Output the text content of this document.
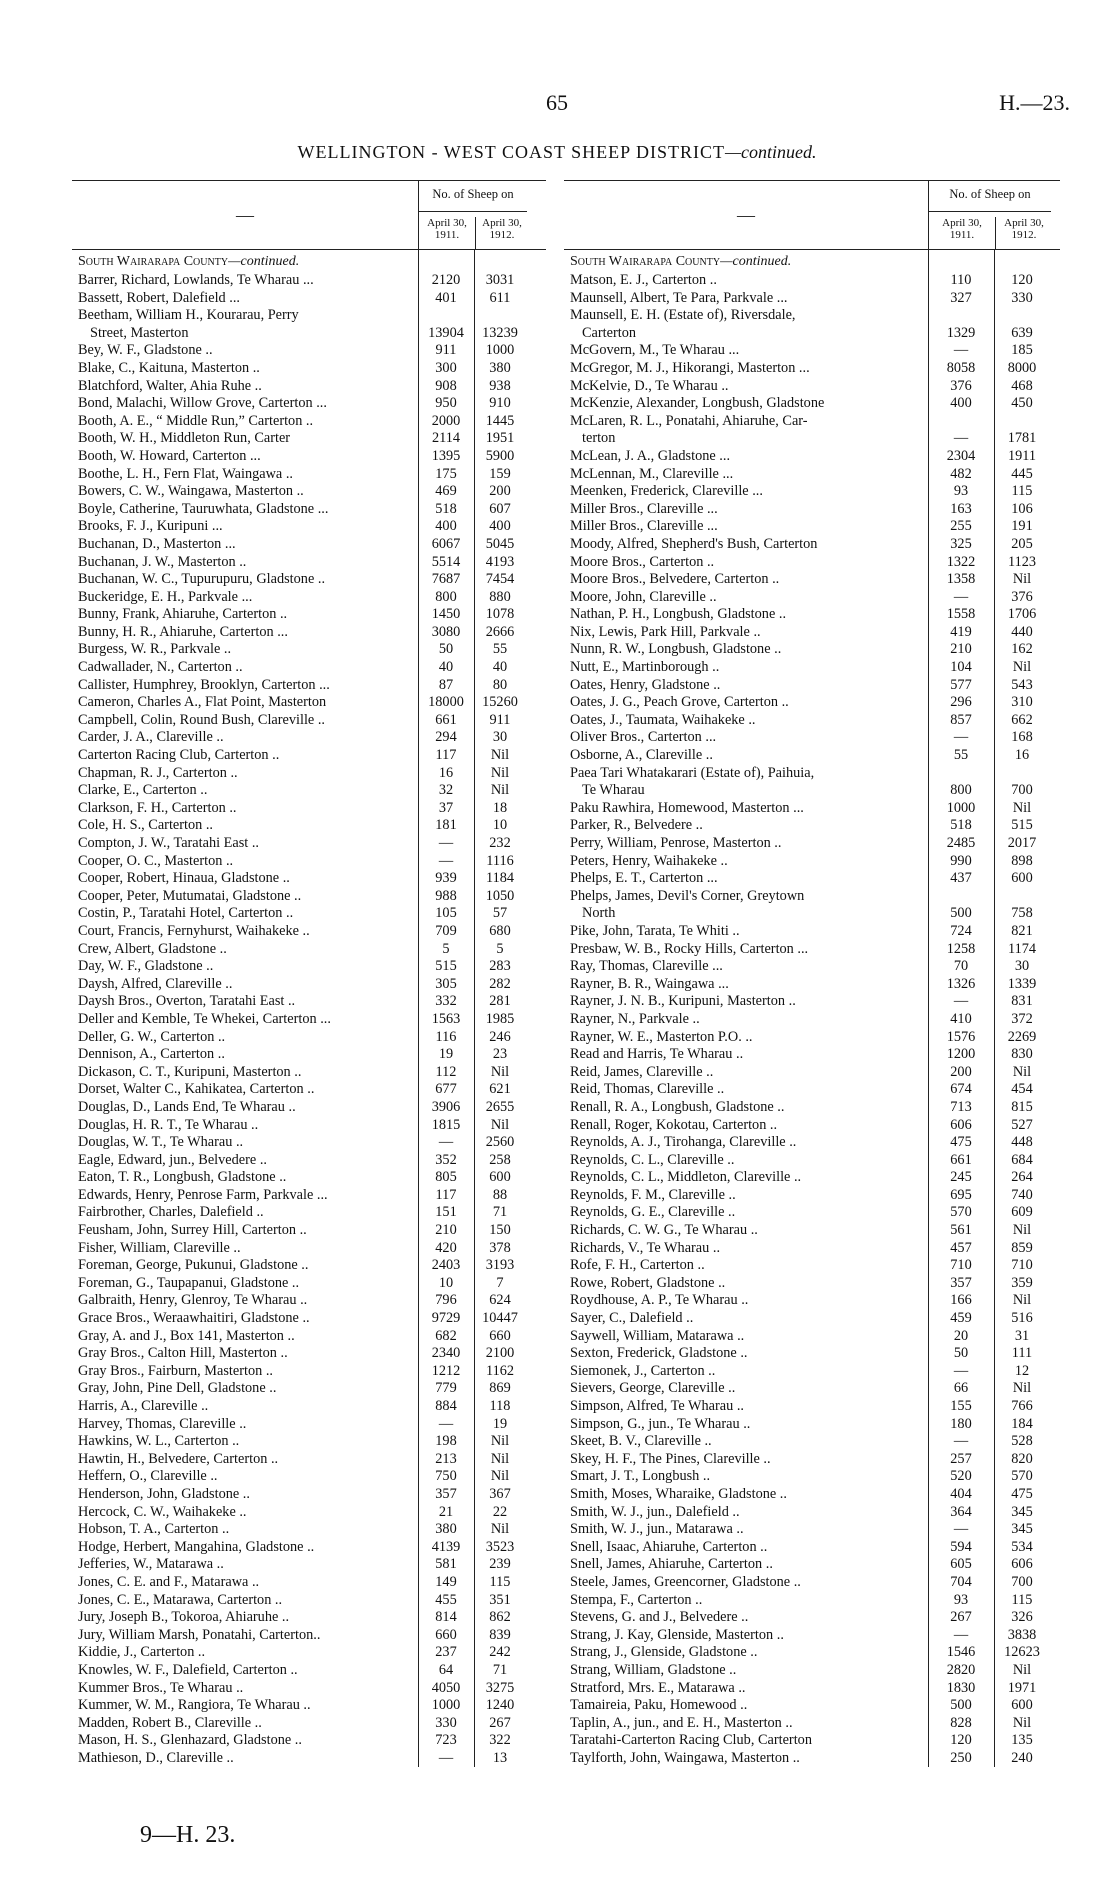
65	H.—23.
WELLINGTON - WEST COAST SHEEP DISTRICT—continued.
—
No. of Sheep on
April 30,
1911.
April 30,
1912.
South Wairarapa County—continued.
Barrer, Richard, Lowlands, Te Wharau ...	2120	3031
Bassett, Robert, Dalefield ...	401	611
Beetham, William H., Kourarau, Perry
Street, Masterton	13904	13239
Bey, W. F., Gladstone ..	911	1000
Blake, C., Kaituna, Masterton ..	300	380
Blatchford, Walter, Ahia Ruhe ..	908	938
Bond, Malachi, Willow Grove, Carterton ...	950	910
Booth, A. E., “ Middle Run,” Carterton ..	2000	1445
Booth, W. H., Middleton Run, Carter	2114	1951
Booth, W. Howard, Carterton ...	1395	5900
Boothe, L. H., Fern Flat, Waingawa ..	175	159
Bowers, C. W., Waingawa, Masterton ..	469	200
Boyle, Catherine, Tauruwhata, Gladstone ...	518	607
Brooks, F. J., Kuripuni ...	400	400
Buchanan, D., Masterton ...	6067	5045
Buchanan, J. W., Masterton ..	5514	4193
Buchanan, W. C., Tupurupuru, Gladstone ..	7687	7454
Buckeridge, E. H., Parkvale ...	800	880
Bunny, Frank, Ahiaruhe, Carterton ..	1450	1078
Bunny, H. R., Ahiaruhe, Carterton ...	3080	2666
Burgess, W. R., Parkvale ..	50	55
Cadwallader, N., Carterton ..	40	40
Callister, Humphrey, Brooklyn, Carterton ...	87	80
Cameron, Charles A., Flat Point, Masterton	18000	15260
Campbell, Colin, Round Bush, Clareville ..	661	911
Carder, J. A., Clareville ..	294	30
Carterton Racing Club, Carterton ..	117	Nil
Chapman, R. J., Carterton ..	16	Nil
Clarke, E., Carterton ..	32	Nil
Clarkson, F. H., Carterton ..	37	18
Cole, H. S., Carterton ..	181	10
Compton, J. W., Taratahi East ..	—	232
Cooper, O. C., Masterton ..	—	1116
Cooper, Robert, Hinaua, Gladstone ..	939	1184
Cooper, Peter, Mutumatai, Gladstone ..	988	1050
Costin, P., Taratahi Hotel, Carterton ..	105	57
Court, Francis, Fernyhurst, Waihakeke ..	709	680
Crew, Albert, Gladstone ..	5	5
Day, W. F., Gladstone ..	515	283
Daysh, Alfred, Clareville ..	305	282
Daysh Bros., Overton, Taratahi East ..	332	281
Deller and Kemble, Te Whekei, Carterton ...	1563	1985
Deller, G. W., Carterton ..	116	246
Dennison, A., Carterton ..	19	23
Dickason, C. T., Kuripuni, Masterton ..	112	Nil
Dorset, Walter C., Kahikatea, Carterton ..	677	621
Douglas, D., Lands End, Te Wharau ..	3906	2655
Douglas, H. R. T., Te Wharau ..	1815	Nil
Douglas, W. T., Te Wharau ..	—	2560
Eagle, Edward, jun., Belvedere ..	352	258
Eaton, T. R., Longbush, Gladstone ..	805	600
Edwards, Henry, Penrose Farm, Parkvale ...	117	88
Fairbrother, Charles, Dalefield ..	151	71
Feusham, John, Surrey Hill, Carterton ..	210	150
Fisher, William, Clareville ..	420	378
Foreman, George, Pukunui, Gladstone ..	2403	3193
Foreman, G., Taupapanui, Gladstone ..	10	7
Galbraith, Henry, Glenroy, Te Wharau ..	796	624
Grace Bros., Weraawhaitiri, Gladstone ..	9729	10447
Gray, A. and J., Box 141, Masterton ..	682	660
Gray Bros., Calton Hill, Masterton ..	2340	2100
Gray Bros., Fairburn, Masterton ..	1212	1162
Gray, John, Pine Dell, Gladstone ..	779	869
Harris, A., Clareville ..	884	118
Harvey, Thomas, Clareville ..	—	19
Hawkins, W. L., Carterton ..	198	Nil
Hawtin, H., Belvedere, Carterton ..	213	Nil
Heffern, O., Clareville ..	750	Nil
Henderson, John, Gladstone ..	357	367
Hercock, C. W., Waihakeke ..	21	22
Hobson, T. A., Carterton ..	380	Nil
Hodge, Herbert, Mangahina, Gladstone ..	4139	3523
Jefferies, W., Matarawa ..	581	239
Jones, C. E. and F., Matarawa ..	149	115
Jones, C. E., Matarawa, Carterton ..	455	351
Jury, Joseph B., Tokoroa, Ahiaruhe ..	814	862
Jury, William Marsh, Ponatahi, Carterton..	660	839
Kiddie, J., Carterton ..	237	242
Knowles, W. F., Dalefield, Carterton ..	64	71
Kummer Bros., Te Wharau ..	4050	3275
Kummer, W. M., Rangiora, Te Wharau ..	1000	1240
Madden, Robert B., Clareville ..	330	267
Mason, H. S., Glenhazard, Gladstone ..	723	322
Mathieson, D., Clareville ..	—	13
—
No. of Sheep on
April 30,
1911.
April 30,
1912.
South Wairarapa County—continued.
Matson, E. J., Carterton ..	110	120
Maunsell, Albert, Te Para, Parkvale ...	327	330
Maunsell, E. H. (Estate of), Riversdale,
Carterton	1329	639
McGovern, M., Te Wharau ...	—	185
McGregor, M. J., Hikorangi, Masterton ...	8058	8000
McKelvie, D., Te Wharau ..	376	468
McKenzie, Alexander, Longbush, Gladstone	400	450
McLaren, R. L., Ponatahi, Ahiaruhe, Car-
terton	—	1781
McLean, J. A., Gladstone ...	2304	1911
McLennan, M., Clareville ...	482	445
Meenken, Frederick, Clareville ...	93	115
Miller Bros., Clareville ...	163	106
Miller Bros., Clareville ...	255	191
Moody, Alfred, Shepherd's Bush, Carterton	325	205
Moore Bros., Carterton ..	1322	1123
Moore Bros., Belvedere, Carterton ..	1358	Nil
Moore, John, Clareville ..	—	376
Nathan, P. H., Longbush, Gladstone ..	1558	1706
Nix, Lewis, Park Hill, Parkvale ..	419	440
Nunn, R. W., Longbush, Gladstone ..	210	162
Nutt, E., Martinborough ..	104	Nil
Oates, Henry, Gladstone ..	577	543
Oates, J. G., Peach Grove, Carterton ..	296	310
Oates, J., Taumata, Waihakeke ..	857	662
Oliver Bros., Carterton ...	—	168
Osborne, A., Clareville ..	55	16
Paea Tari Whatakarari (Estate of), Paihuia,
Te Wharau	800	700
Paku Rawhira, Homewood, Masterton ...	1000	Nil
Parker, R., Belvedere ..	518	515
Perry, William, Penrose, Masterton ..	2485	2017
Peters, Henry, Waihakeke ..	990	898
Phelps, E. T., Carterton ...	437	600
Phelps, James, Devil's Corner, Greytown
North	500	758
Pike, John, Tarata, Te Whiti ..	724	821
Presbaw, W. B., Rocky Hills, Carterton ...	1258	1174
Ray, Thomas, Clareville ...	70	30
Rayner, B. R., Waingawa ...	1326	1339
Rayner, J. N. B., Kuripuni, Masterton ..	—	831
Rayner, N., Parkvale ..	410	372
Rayner, W. E., Masterton P.O. ..	1576	2269
Read and Harris, Te Wharau ..	1200	830
Reid, James, Clareville ..	200	Nil
Reid, Thomas, Clareville ..	674	454
Renall, R. A., Longbush, Gladstone ..	713	815
Renall, Roger, Kokotau, Carterton ..	606	527
Reynolds, A. J., Tirohanga, Clareville ..	475	448
Reynolds, C. L., Clareville ..	661	684
Reynolds, C. L., Middleton, Clareville ..	245	264
Reynolds, F. M., Clareville ..	695	740
Reynolds, G. E., Clareville ..	570	609
Richards, C. W. G., Te Wharau ..	561	Nil
Richards, V., Te Wharau ..	457	859
Rofe, F. H., Carterton ..	710	710
Rowe, Robert, Gladstone ..	357	359
Roydhouse, A. P., Te Wharau ..	166	Nil
Sayer, C., Dalefield ..	459	516
Saywell, William, Matarawa ..	20	31
Sexton, Frederick, Gladstone ..	50	111
Siemonek, J., Carterton ..	—	12
Sievers, George, Clareville ..	66	Nil
Simpson, Alfred, Te Wharau ..	155	766
Simpson, G., jun., Te Wharau ..	180	184
Skeet, B. V., Clareville ..	—	528
Skey, H. F., The Pines, Clareville ..	257	820
Smart, J. T., Longbush ..	520	570
Smith, Moses, Wharaike, Gladstone ..	404	475
Smith, W. J., jun., Dalefield ..	364	345
Smith, W. J., jun., Matarawa ..	—	345
Snell, Isaac, Ahiaruhe, Carterton ..	594	534
Snell, James, Ahiaruhe, Carterton ..	605	606
Steele, James, Greencorner, Gladstone ..	704	700
Stempa, F., Carterton ..	93	115
Stevens, G. and J., Belvedere ..	267	326
Strang, J. Kay, Glenside, Masterton ..	—	3838
Strang, J., Glenside, Gladstone ..	1546	12623
Strang, William, Gladstone ..	2820	Nil
Stratford, Mrs. E., Matarawa ..	1830	1971
Tamaireia, Paku, Homewood ..	500	600
Taplin, A., jun., and E. H., Masterton ..	828	Nil
Taratahi-Carterton Racing Club, Carterton	120	135
Taylforth, John, Waingawa, Masterton ..	250	240
9—H. 23.
